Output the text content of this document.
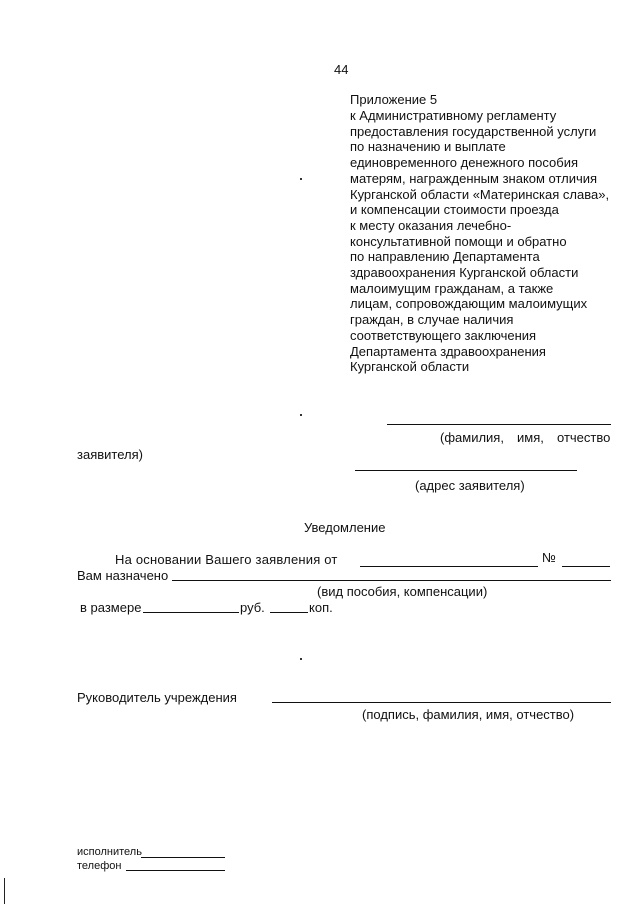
44
Приложение 5
к Административному регламенту
предоставления государственной услуги
по назначению и выплате
единовременного денежного пособия
матерям, награжденным знаком отличия
Курганской области «Материнская слава»,
и компенсации стоимости проезда
к месту оказания лечебно-
консультативной помощи и обратно
по направлению Департамента
здравоохранения Курганской области
малоимущим гражданам, а также
лицам, сопровождающим малоимущих
граждан, в случае наличия
соответствующего заключения
Департамента здравоохранения
Курганской области
(фамилия, имя, отчество
заявителя)
(адрес заявителя)
Уведомление
На основании Вашего заявления от	№
Вам назначено
(вид пособия, компенсации)
в размере	руб.	коп.
Руководитель учреждения
(подпись, фамилия, имя, отчество)
исполнитель
телефон
